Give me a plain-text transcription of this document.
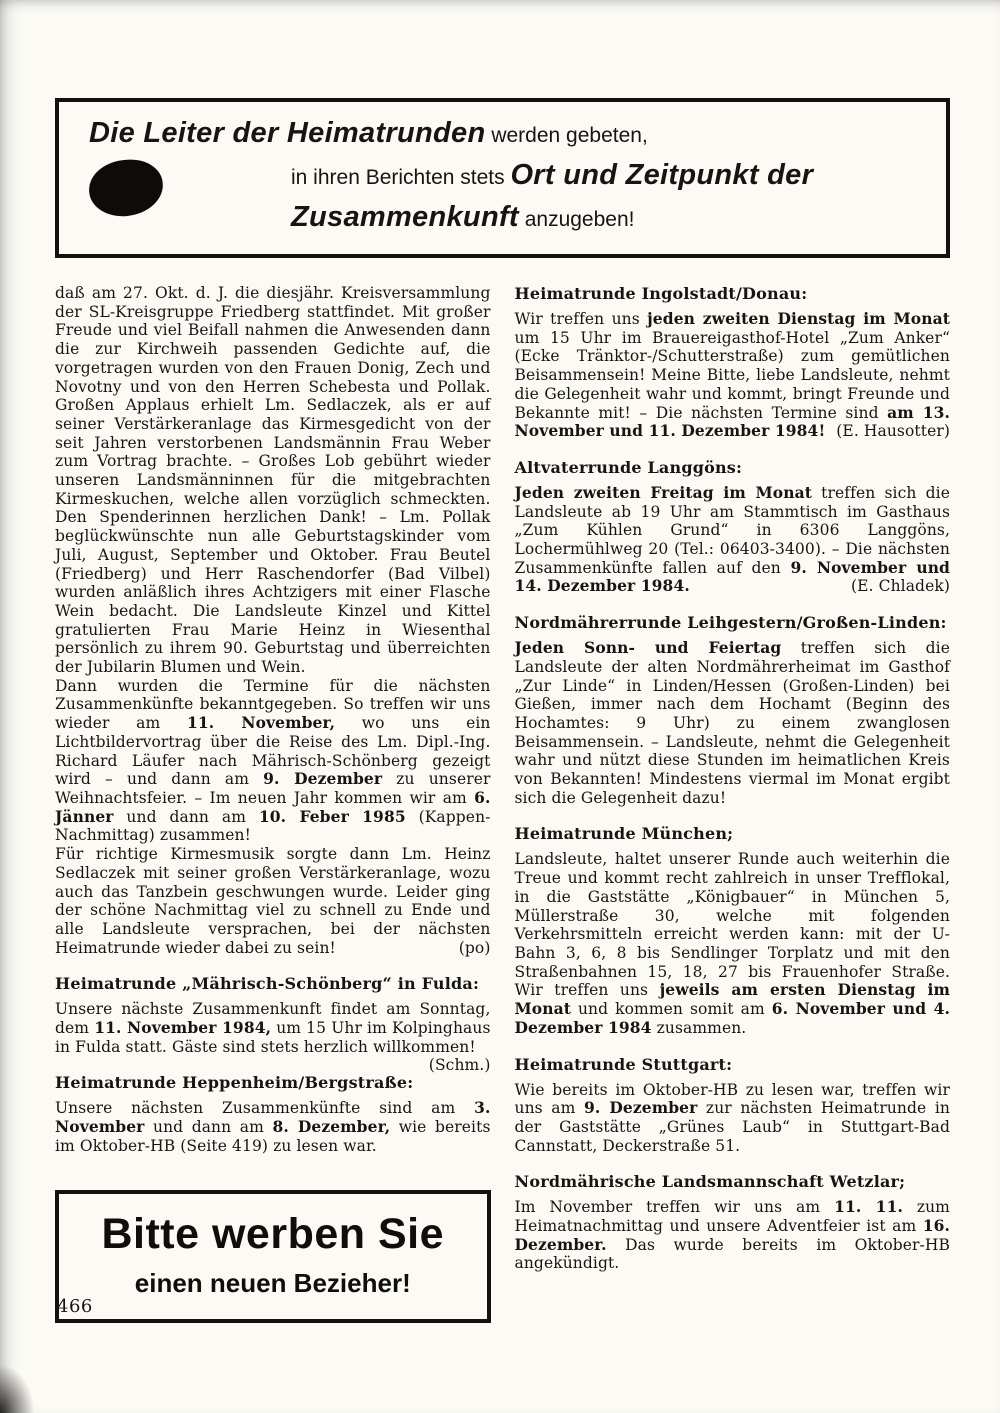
Die Leiter der Heimatrunden werden gebeten,
in ihren Berichten stets Ort und Zeitpunkt der
Zusammenkunft anzugeben!

daß am 27. Okt. d. J. die diesjähr. Kreisversammlung der SL-Kreisgruppe Friedberg stattfindet. Mit großer Freude und viel Beifall nahmen die Anwesenden dann die zur Kirchweih passenden Gedichte auf, die vorgetragen wurden von den Frauen Donig, Zech und Novotny und von den Herren Schebesta und Pollak. Großen Applaus erhielt Lm. Sedlaczek, als er auf seiner Verstärkeranlage das Kirmesgedicht von der seit Jahren verstorbenen Landsmännin Frau Weber zum Vortrag brachte. – Großes Lob gebührt wieder unseren Landsmänninnen für die mitgebrachten Kirmeskuchen, welche allen vorzüglich schmeckten. Den Spenderinnen herzlichen Dank! – Lm. Pollak beglückwünschte nun alle Geburtstagskinder vom Juli, August, September und Oktober. Frau Beutel (Friedberg) und Herr Raschendorfer (Bad Vilbel) wurden anläßlich ihres Achtzigers mit einer Flasche Wein bedacht. Die Landsleute Kinzel und Kittel gratulierten Frau Marie Heinz in Wiesenthal persönlich zu ihrem 90. Geburtstag und überreichten der Jubilarin Blumen und Wein.

Dann wurden die Termine für die nächsten Zusammenkünfte bekanntgegeben. So treffen wir uns wieder am 11. November, wo uns ein Lichtbildervortrag über die Reise des Lm. Dipl.-Ing. Richard Läufer nach Mährisch-Schönberg gezeigt wird – und dann am 9. Dezember zu unserer Weihnachtsfeier. – Im neuen Jahr kommen wir am 6. Jänner und dann am 10. Feber 1985 (Kappen-Nachmittag) zusammen!

Für richtige Kirmesmusik sorgte dann Lm. Heinz Sedlaczek mit seiner großen Verstärkeranlage, wozu auch das Tanzbein geschwungen wurde. Leider ging der schöne Nachmittag viel zu schnell zu Ende und alle Landsleute versprachen, bei der nächsten Heimatrunde wieder dabei zu sein!	(po)

Heimatrunde „Mährisch-Schönberg“ in Fulda:

Unsere nächste Zusammenkunft findet am Sonntag, dem 11. November 1984, um 15 Uhr im Kolpinghaus in Fulda statt. Gäste sind stets herzlich willkommen!
(Schm.)

Heimatrunde Heppenheim/Bergstraße:

Unsere nächsten Zusammenkünfte sind am 3. November und dann am 8. Dezember, wie bereits im Oktober-HB (Seite 419) zu lesen war.

Bitte werben Sie
einen neuen Bezieher!
Heimatrunde Ingolstadt/Donau:

Wir treffen uns jeden zweiten Dienstag im Monat um 15 Uhr im Brauereigasthof-Hotel „Zum Anker“ (Ecke Tränktor-/Schutterstraße) zum gemütlichen Beisammensein! Meine Bitte, liebe Landsleute, nehmt die Gelegenheit wahr und kommt, bringt Freunde und Bekannte mit! – Die nächsten Termine sind am 13. November und 11. Dezember 1984! (E. Hausotter)

Altvaterrunde Langgöns:

Jeden zweiten Freitag im Monat treffen sich die Landsleute ab 19 Uhr am Stammtisch im Gasthaus „Zum Kühlen Grund“ in 6306 Langgöns, Lochermühlweg 20 (Tel.: 06403-3400). – Die nächsten Zusammenkünfte fallen auf den 9. November und 14. Dezember 1984.	(E. Chladek)

Nordmährerrunde Leihgestern/Großen-Linden:

Jeden Sonn- und Feiertag treffen sich die Landsleute der alten Nordmährerheimat im Gasthof „Zur Linde“ in Linden/Hessen (Großen-Linden) bei Gießen, immer nach dem Hochamt (Beginn des Hochamtes: 9 Uhr) zu einem zwanglosen Beisammensein. – Landsleute, nehmt die Gelegenheit wahr und nützt diese Stunden im heimatlichen Kreis von Bekannten! Mindestens viermal im Monat ergibt sich die Gelegenheit dazu!

Heimatrunde München;

Landsleute, haltet unserer Runde auch weiterhin die Treue und kommt recht zahlreich in unser Trefflokal, in die Gaststätte „Königbauer“ in München 5, Müllerstraße 30, welche mit folgenden Verkehrsmitteln erreicht werden kann: mit der U-Bahn 3, 6, 8 bis Sendlinger Torplatz und mit den Straßenbahnen 15, 18, 27 bis Frauenhofer Straße. Wir treffen uns jeweils am ersten Dienstag im Monat und kommen somit am 6. November und 4. Dezember 1984 zusammen.

Heimatrunde Stuttgart:

Wie bereits im Oktober-HB zu lesen war, treffen wir uns am 9. Dezember zur nächsten Heimatrunde in der Gaststätte „Grünes Laub“ in Stuttgart-Bad Cannstatt, Deckerstraße 51.

Nordmährische Landsmannschaft Wetzlar;

Im November treffen wir uns am 11. 11. zum Heimatnachmittag und unsere Adventfeier ist am 16. Dezember. Das wurde bereits im Oktober-HB angekündigt.

466
